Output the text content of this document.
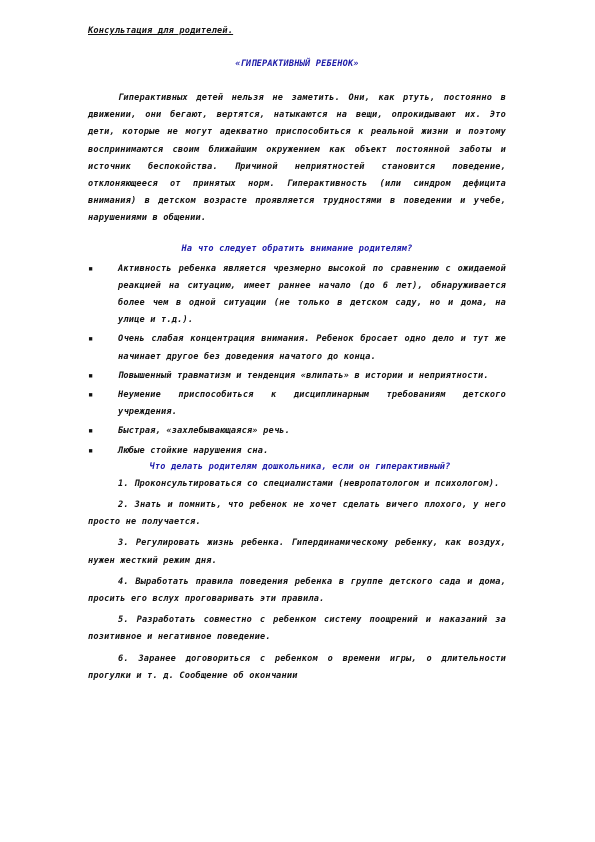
Консультация для родителей.
«ГИПЕРАКТИВНЫЙ РЕБЕНОК»

Гиперактивных детей нельзя не заметить. Они, как ртуть, постоянно в движении, они бегают, вертятся, натыкаются на вещи, опрокидывают их. Это дети, которые не могут адекватно приспособиться к реальной жизни и поэтому воспринимаются своим ближайшим окружением как объект постоянной заботы и источник беспокойства. Причиной неприятностей становится поведение, отклоняющееся от принятых норм. Гиперактивность (или синдром дефицита внимания) в детском возрасте проявляется трудностями в поведении и учебе, нарушениями в общении.

На что следует обратить внимание родителям?
▪	Активность ребенка является чрезмерно высокой по сравнению с ожидаемой реакцией на ситуацию, имеет раннее начало (до 6 лет), обнаруживается более чем в одной ситуации (не только в детском саду, но и дома, на улице и т.д.).
▪	Очень слабая концентрация внимания. Ребенок бросает одно дело и тут же начинает другое без доведения начатого до конца.
▪	Повышенный травматизм и тенденция «влипать» в истории и неприятности.
▪	Неумение приспособиться к дисциплинарным требованиям детского учреждения.
▪	Быстрая, «захлебывающаяся» речь.
▪	Любые стойкие нарушения сна.
Что делать родителям дошкольника, если он гиперактивный?

1. Проконсультироваться со специалистами (невропатологом и психологом).

2. Знать и помнить, что ребенок не хочет сделать вичего плохого, у него просто не получается.

3. Регулировать жизнь ребенка. Гипердинамическому ребенку, как воздух, нужен жесткий режим дня.

4. Выработать правила поведения ребенка в группе детского сада и дома, просить его вслух проговаривать эти правила.

5. Разработать совместно с ребенком систему поощрений и наказаний за позитивное и негативное поведение.

6. Заранее договориться с ребенком о времени игры, о длительности прогулки и т. д. Сообщение об окончании
